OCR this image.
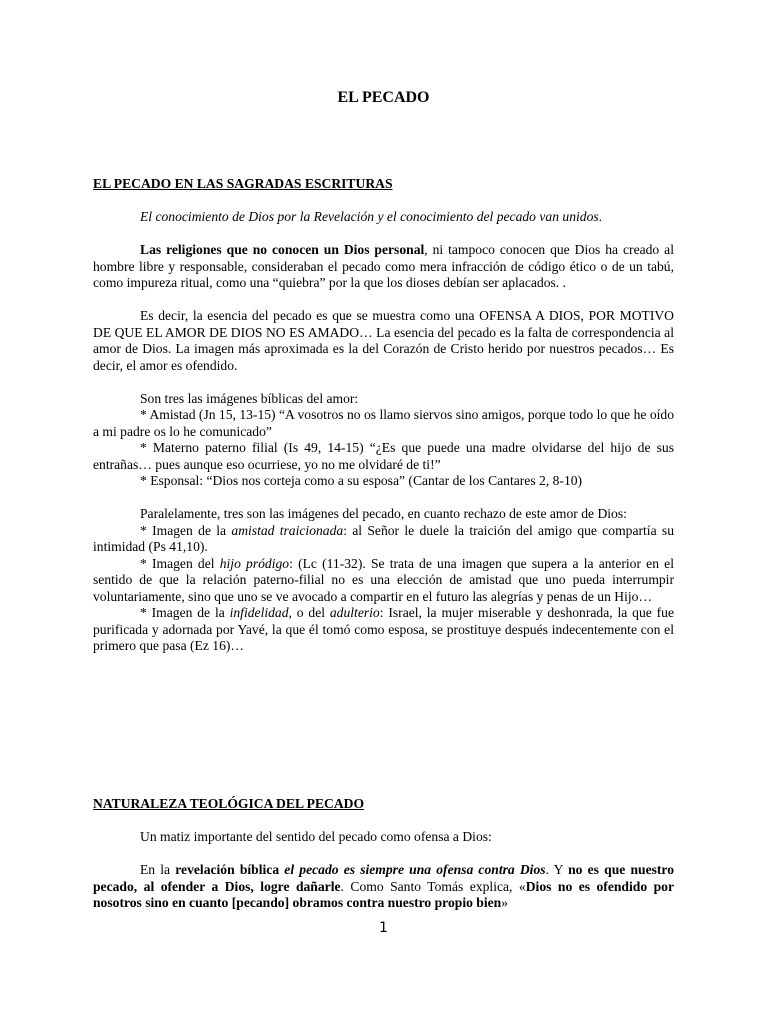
EL PECADO
EL PECADO EN LAS SAGRADAS ESCRITURAS

El conocimiento de Dios por la Revelación y el conocimiento del pecado van unidos.

Las religiones que no conocen un Dios personal, ni tampoco conocen que Dios ha creado al hombre libre y responsable, consideraban el pecado como mera infracción de código ético o de un tabú, como impureza ritual, como una “quiebra” por la que los dioses debían ser aplacados. .

Es decir, la esencia del pecado es que se muestra como una OFENSA A DIOS, POR MOTIVO DE QUE EL AMOR DE DIOS NO ES AMADO… La esencia del pecado es la falta de correspondencia al amor de Dios. La imagen más aproximada es la del Corazón de Cristo herido por nuestros pecados… Es decir, el amor es ofendido.

Son tres las imágenes bíblicas del amor:

* Amistad (Jn 15, 13-15) “A vosotros no os llamo siervos sino amigos, porque todo lo que he oído a mi padre os lo he comunicado”

* Materno paterno filial (Is 49, 14-15) “¿Es que puede una madre olvidarse del hijo de sus entrañas… pues aunque eso ocurriese, yo no me olvidaré de ti!”

* Esponsal: “Dios nos corteja como a su esposa” (Cantar de los Cantares 2, 8-10)

Paralelamente, tres son las imágenes del pecado, en cuanto rechazo de este amor de Dios:

* Imagen de la amistad traicionada: al Señor le duele la traición del amigo que compartía su intimidad (Ps 41,10).

* Imagen del hijo pródigo: (Lc (11-32). Se trata de una imagen que supera a la anterior en el sentido de que la relación paterno-filial no es una elección de amistad que uno pueda interrumpir voluntariamente, sino que uno se ve avocado a compartir en el futuro las alegrías y penas de un Hijo…

* Imagen de la infidelidad, o del adulterio: Israel, la mujer miserable y deshonrada, la que fue purificada y adornada por Yavé, la que él tomó como esposa, se prostituye después indecentemente con el primero que pasa (Ez 16)…

NATURALEZA TEOLÓGICA DEL PECADO

Un matiz importante del sentido del pecado como ofensa a Dios:

En la revelación bíblica el pecado es siempre una ofensa contra Dios. Y no es que nuestro pecado, al ofender a Dios, logre dañarle. Como Santo Tomás explica, «Dios no es ofendido por nosotros sino en cuanto [pecando] obramos contra nuestro propio bien»

1
